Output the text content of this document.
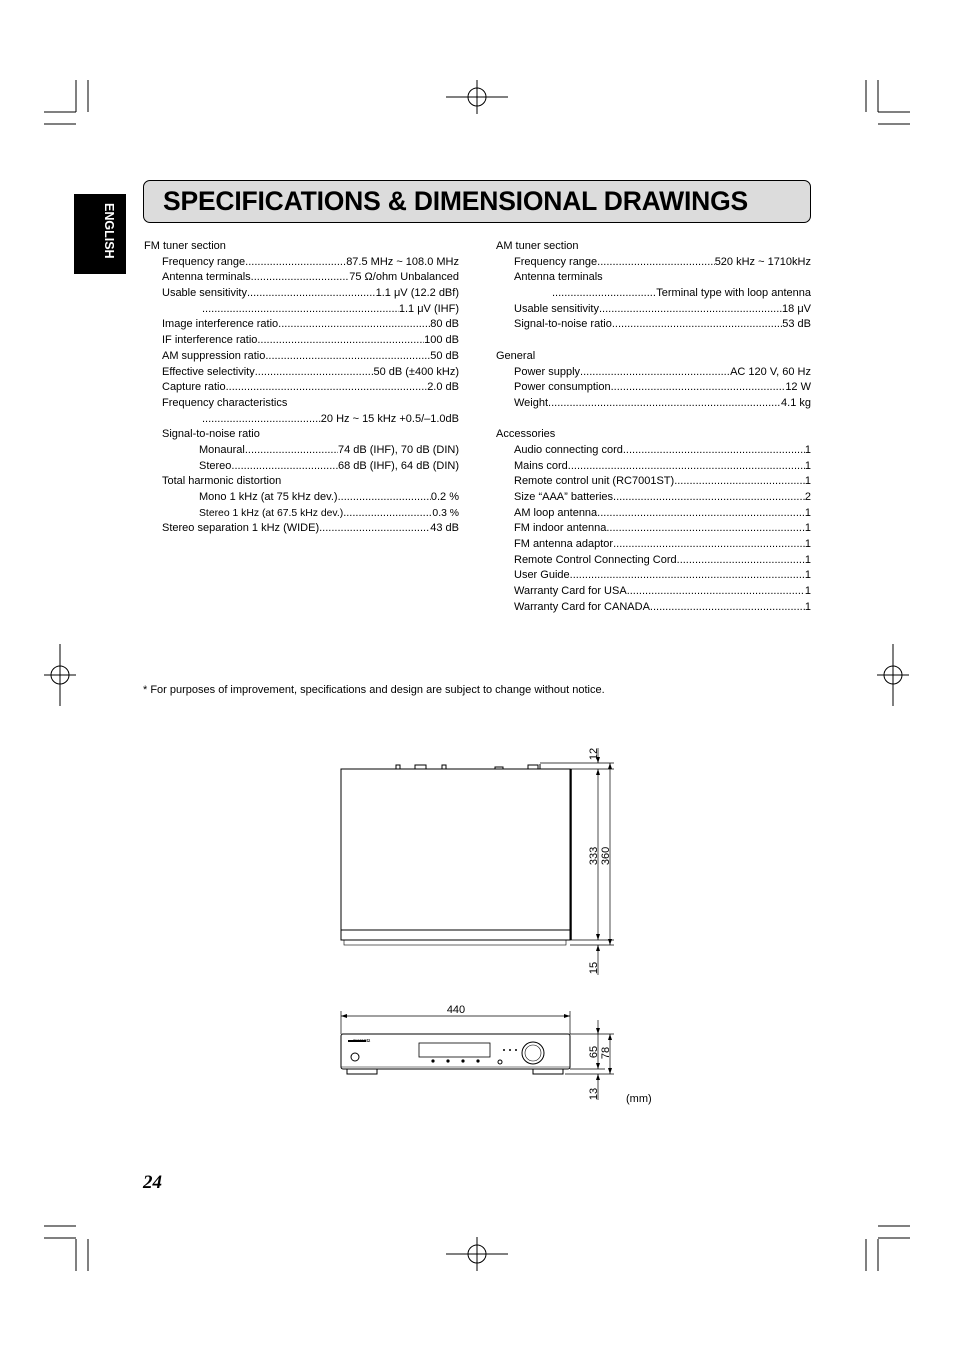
ENGLISH
SPECIFICATIONS & DIMENSIONAL DRAWINGS
FM tuner section
Frequency range .....	87.5 MHz ~ 108.0 MHz
Antenna terminals .....	75 Ω/ohm Unbalanced
Usable sensitivity .....	1.1 μV (12.2 dBf)
.....
1.1 μV (IHF)
Image interference ratio .....	80 dB
IF interference ratio .....	100 dB
AM suppression ratio .....	50 dB
Effective selectivity .....	50 dB (±400 kHz)
Capture ratio .....	2.0 dB
Frequency characteristics
.....
20 Hz ~ 15 kHz +0.5/–1.0dB
Signal-to-noise ratio
Monaural .....	74 dB (IHF), 70 dB (DIN)
Stereo .....	68 dB (IHF), 64 dB (DIN)
Total harmonic distortion
Mono 1 kHz (at 75 kHz dev.) .....	0.2 %
Stereo 1 kHz (at 67.5 kHz dev.) .....	0.3 %
Stereo separation 1 kHz (WIDE) .....	43 dB
AM tuner section
Frequency range .....	520 kHz ~ 1710kHz
Antenna terminals
.....
Terminal type with loop antenna
Usable sensitivity .....	18 μV
Signal-to-noise ratio .....	53 dB
General
Power supply .....	AC 120 V, 60 Hz
Power consumption .....	12 W
Weight .....	4.1 kg
Accessories
Audio connecting cord .....	1
Mains cord .....	1
Remote control unit (RC7001ST) .....	1
Size “AAA” batteries .....	2
AM loop antenna .....	1
FM indoor antenna .....	1
FM antenna adaptor .....	1
Remote Control Connecting Cord .....	1
User Guide .....	1
Warranty Card for USA .....	1
Warranty Card for CANADA .....	1
* For purposes of improvement, specifications and design are subject to change without notice.
12
333 360
15
440
65 78
13 (mm)
marantz
24
